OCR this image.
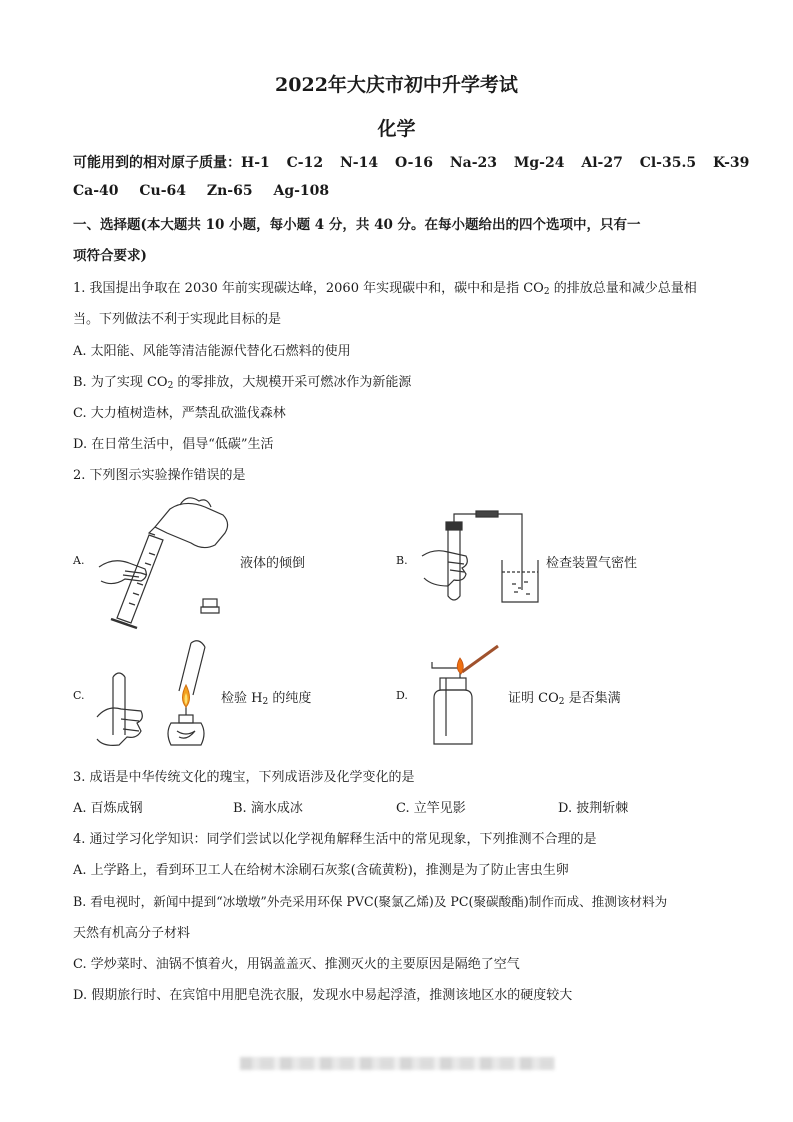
2022年大庆市初中升学考试
化学
可能用到的相对原子质量：H-1 C-12 N-14 O-16 Na-23 Mg-24 Al-27 Cl-35.5 K-39
Ca-40 Cu-64 Zn-65 Ag-108
一、选择题(本大题共 10 小题，每小题 4 分，共 40 分。在每小题给出的四个选项中，只有一
项符合要求)
1. 我国提出争取在 2030 年前实现碳达峰，2060 年实现碳中和，碳中和是指 $CO_2$ 的排放总量和减少总量相
当。下列做法不利于实现此目标的是
A. 太阳能、风能等清洁能源代替化石燃料的使用
B. 为了实现 $CO_2$ 的零排放，大规模开采可燃冰作为新能源
C. 大力植树造林，严禁乱砍滥伐森林
D. 在日常生活中，倡导“低碳”生活
2. 下列图示实验操作错误的是
A.	液体的倾倒	B.	检查装置气密性
C.	检验 $H_2$ 的纯度	D.	证明 $CO_2$ 是否集满
3. 成语是中华传统文化的瑰宝，下列成语涉及化学变化的是
A. 百炼成钢	B. 滴水成冰	C. 立竿见影	D. 披荆斩棘
4. 通过学习化学知识：同学们尝试以化学视角解释生活中的常见现象，下列推测不合理的是
A. 上学路上，看到环卫工人在给树木涂刷石灰浆(含硫黄粉)，推测是为了防止害虫生卵
B. 看电视时，新闻中提到“冰墩墩”外壳采用环保 PVC(聚氯乙烯)及 PC(聚碳酸酯)制作而成、推测该材料为
天然有机高分子材料
C. 学炒菜时、油锅不慎着火，用锅盖盖灭、推测灭火的主要原因是隔绝了空气
D. 假期旅行时、在宾馆中用肥皂洗衣服，发现水中易起浮渣，推测该地区水的硬度较大
